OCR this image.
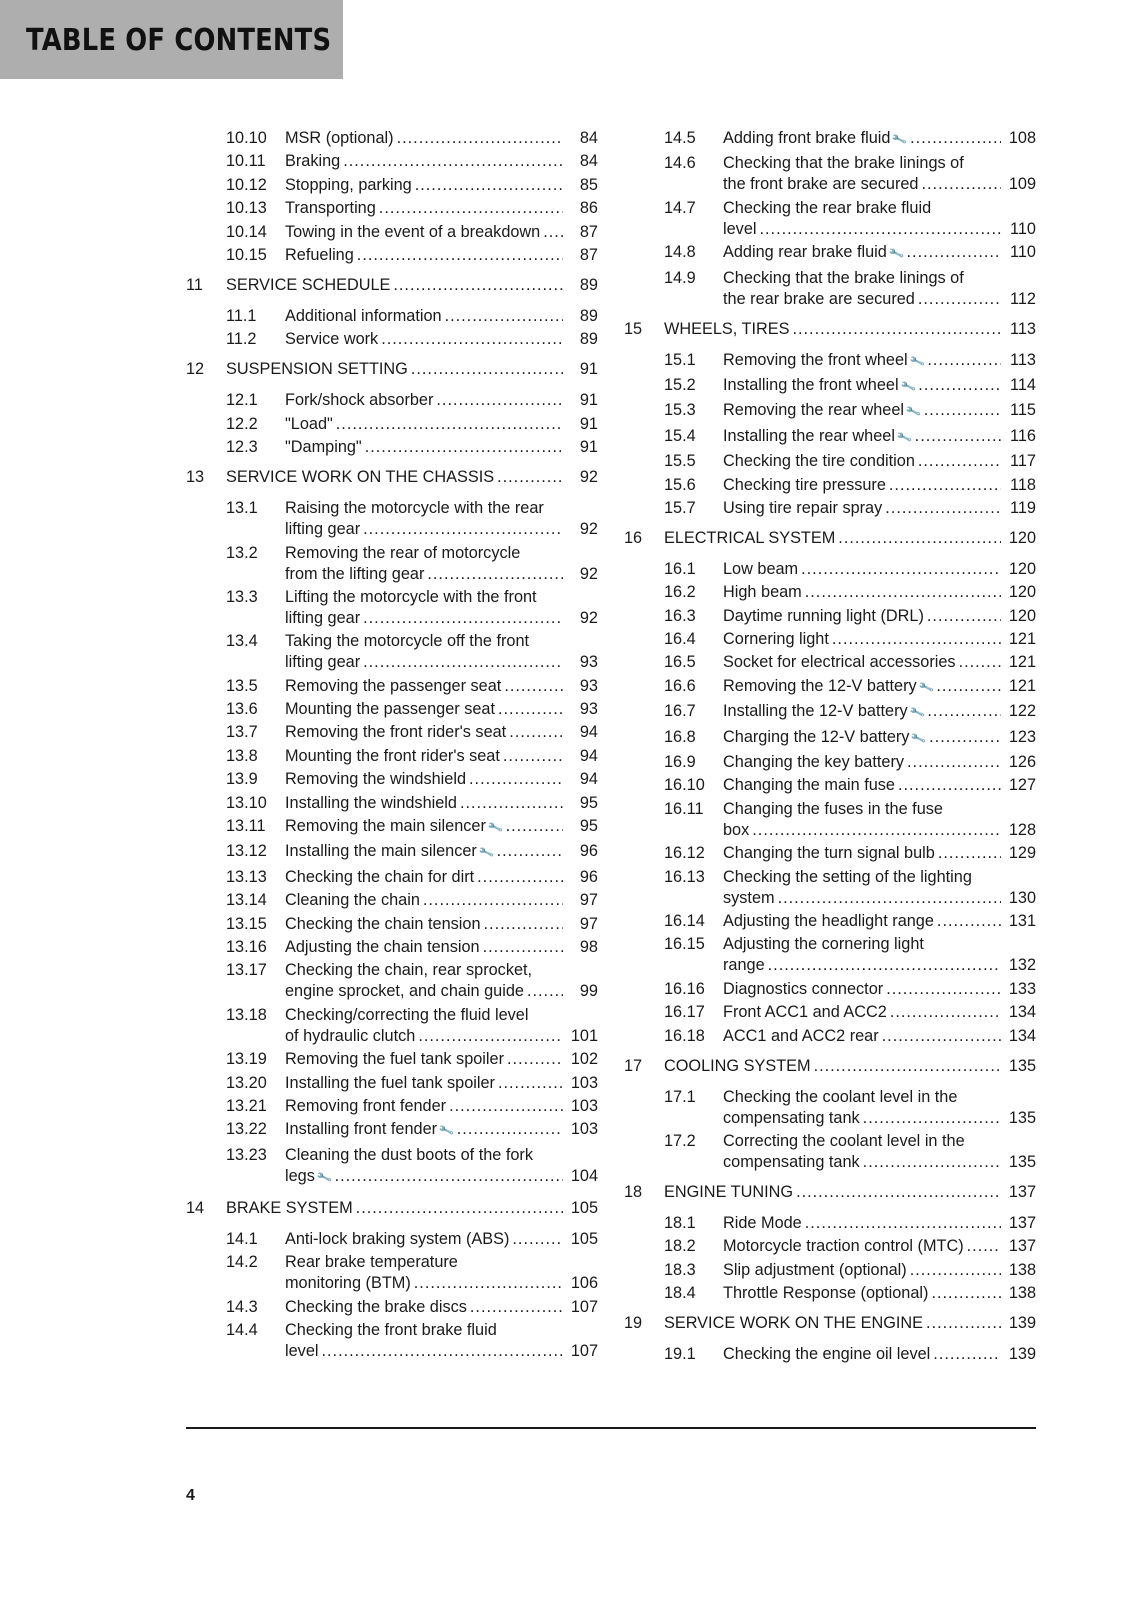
TABLE OF CONTENTS
10.10 MSR (optional) .....	84
10.11 Braking .....	84
10.12 Stopping, parking .....	85
10.13 Transporting .....	86
10.14 Towing in the event of a breakdown .....	87
10.15 Refueling .....	87
11 SERVICE SCHEDULE .....	89
11.1 Additional information .....	89
11.2 Service work .....	89
12 SUSPENSION SETTING .....	91
12.1 Fork/shock absorber .....	91
12.2 "Load" .....	91
12.3 "Damping" .....	91
13 SERVICE WORK ON THE CHASSIS .....	92
13.1 Raising the motorcycle with the rear
lifting gear .....	92
13.2 Removing the rear of motorcycle
from the lifting gear .....	92
13.3 Lifting the motorcycle with the front
lifting gear .....	92
13.4 Taking the motorcycle off the front
lifting gear .....	93
13.5 Removing the passenger seat .....	93
13.6 Mounting the passenger seat .....	93
13.7 Removing the front rider's seat .....	94
13.8 Mounting the front rider's seat .....	94
13.9 Removing the windshield .....	94
13.10 Installing the windshield .....	95
13.11 Removing the main silencer 🔧 .....	95
13.12 Installing the main silencer 🔧 .....	96
13.13 Checking the chain for dirt .....	96
13.14 Cleaning the chain .....	97
13.15 Checking the chain tension .....	97
13.16 Adjusting the chain tension .....	98
13.17 Checking the chain, rear sprocket,
engine sprocket, and chain guide .....	99
13.18 Checking/correcting the fluid level
of hydraulic clutch .....	101
13.19 Removing the fuel tank spoiler .....	102
13.20 Installing the fuel tank spoiler .....	103
13.21 Removing front fender .....	103
13.22 Installing front fender 🔧 .....	103
13.23 Cleaning the dust boots of the fork
legs 🔧 .....	104
14 BRAKE SYSTEM .....	105
14.1 Anti-lock braking system (ABS) .....	105
14.2 Rear brake temperature
monitoring (BTM) .....	106
14.3 Checking the brake discs .....	107
14.4 Checking the front brake fluid
level .....	107
14.5 Adding front brake fluid 🔧 .....	108
14.6 Checking that the brake linings of
the front brake are secured .....	109
14.7 Checking the rear brake fluid
level .....	110
14.8 Adding rear brake fluid 🔧 .....	110
14.9 Checking that the brake linings of
the rear brake are secured .....	112
15 WHEELS, TIRES .....	113
15.1 Removing the front wheel 🔧 .....	113
15.2 Installing the front wheel 🔧 .....	114
15.3 Removing the rear wheel 🔧 .....	115
15.4 Installing the rear wheel 🔧 .....	116
15.5 Checking the tire condition .....	117
15.6 Checking tire pressure .....	118
15.7 Using tire repair spray .....	119
16 ELECTRICAL SYSTEM .....	120
16.1 Low beam .....	120
16.2 High beam .....	120
16.3 Daytime running light (DRL) .....	120
16.4 Cornering light .....	121
16.5 Socket for electrical accessories .....	121
16.6 Removing the 12-V battery 🔧 .....	121
16.7 Installing the 12-V battery 🔧 .....	122
16.8 Charging the 12-V battery 🔧 .....	123
16.9 Changing the key battery .....	126
16.10 Changing the main fuse .....	127
16.11 Changing the fuses in the fuse
box .....	128
16.12 Changing the turn signal bulb .....	129
16.13 Checking the setting of the lighting
system .....	130
16.14 Adjusting the headlight range .....	131
16.15 Adjusting the cornering light
range .....	132
16.16 Diagnostics connector .....	133
16.17 Front ACC1 and ACC2 .....	134
16.18 ACC1 and ACC2 rear .....	134
17 COOLING SYSTEM .....	135
17.1 Checking the coolant level in the
compensating tank .....	135
17.2 Correcting the coolant level in the
compensating tank .....	135
18 ENGINE TUNING .....	137
18.1 Ride Mode .....	137
18.2 Motorcycle traction control (MTC) .....	137
18.3 Slip adjustment (optional) .....	138
18.4 Throttle Response (optional) .....	138
19 SERVICE WORK ON THE ENGINE .....	139
19.1 Checking the engine oil level .....	139
4
